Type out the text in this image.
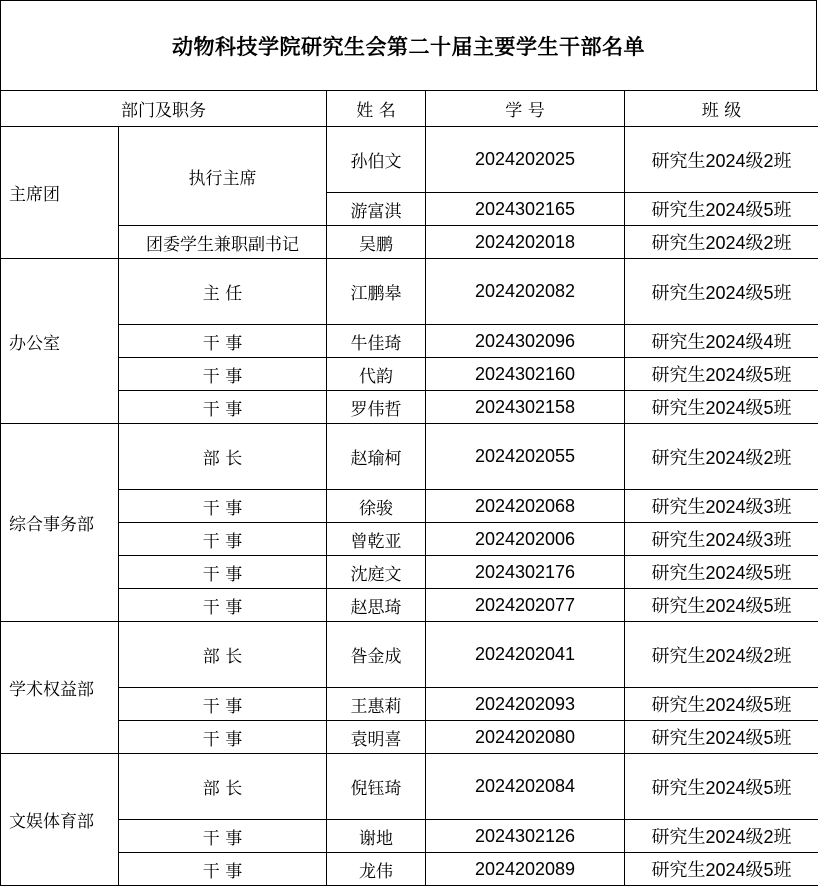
动物科技学院研究生会第二十届主要学生干部名单
部门及职务		姓 名	学 号	班 级
主席团	执行主席	孙伯文	2024202025	研究生2024级2班
		游富淇	2024302165	研究生2024级5班
	团委学生兼职副书记	吴鹏	2024202018	研究生2024级2班
办公室	主 任	江鹏皋	2024202082	研究生2024级5班
	干 事	牛佳琦	2024302096	研究生2024级4班
	干 事	代韵	2024302160	研究生2024级5班
	干 事	罗伟哲	2024302158	研究生2024级5班
综合事务部	部 长	赵瑜柯	2024202055	研究生2024级2班
	干 事	徐骏	2024202068	研究生2024级3班
	干 事	曾乾亚	2024202006	研究生2024级3班
	干 事	沈庭文	2024302176	研究生2024级5班
	干 事	赵思琦	2024202077	研究生2024级5班
学术权益部	部 长	昝金成	2024202041	研究生2024级2班
	干 事	王惠莉	2024202093	研究生2024级5班
	干 事	袁明喜	2024202080	研究生2024级5班
文娱体育部	部 长	倪钰琦	2024202084	研究生2024级5班
	干 事	谢地	2024302126	研究生2024级2班
	干 事	龙伟	2024202089	研究生2024级5班
